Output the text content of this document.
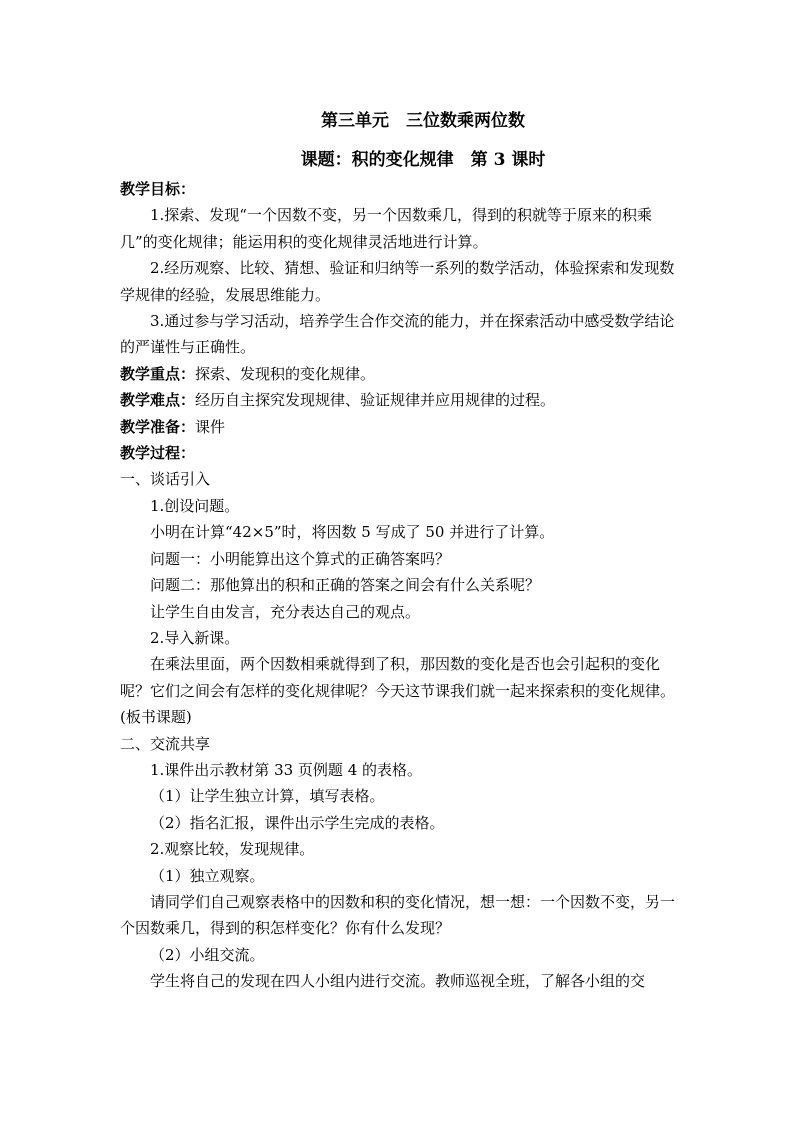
第三单元　三位数乘两位数
课题：积的变化规律　第 3 课时

教学目标：

1.探索、发现“一个因数不变，另一个因数乘几，得到的积就等于原来的积乘几”的变化规律；能运用积的变化规律灵活地进行计算。

2.经历观察、比较、猜想、验证和归纳等一系列的数学活动，体验探索和发现数学规律的经验，发展思维能力。

3.通过参与学习活动，培养学生合作交流的能力，并在探索活动中感受数学结论的严谨性与正确性。

教学重点：探索、发现积的变化规律。

教学难点：经历自主探究发现规律、验证规律并应用规律的过程。

教学准备：课件

教学过程：

一、谈话引入

1.创设问题。

小明在计算“42×5”时，将因数 5 写成了 50 并进行了计算。

问题一：小明能算出这个算式的正确答案吗？

问题二：那他算出的积和正确的答案之间会有什么关系呢？

让学生自由发言，充分表达自己的观点。

2.导入新课。

在乘法里面，两个因数相乘就得到了积，那因数的变化是否也会引起积的变化呢？它们之间会有怎样的变化规律呢？今天这节课我们就一起来探索积的变化规律。(板书课题)

二、交流共享

1.课件出示教材第 33 页例题 4 的表格。

（1）让学生独立计算，填写表格。

（2）指名汇报，课件出示学生完成的表格。

2.观察比较，发现规律。

（1）独立观察。

请同学们自己观察表格中的因数和积的变化情况，想一想：一个因数不变，另一个因数乘几，得到的积怎样变化？你有什么发现？

（2）小组交流。

学生将自己的发现在四人小组内进行交流。教师巡视全班，了解各小组的交
